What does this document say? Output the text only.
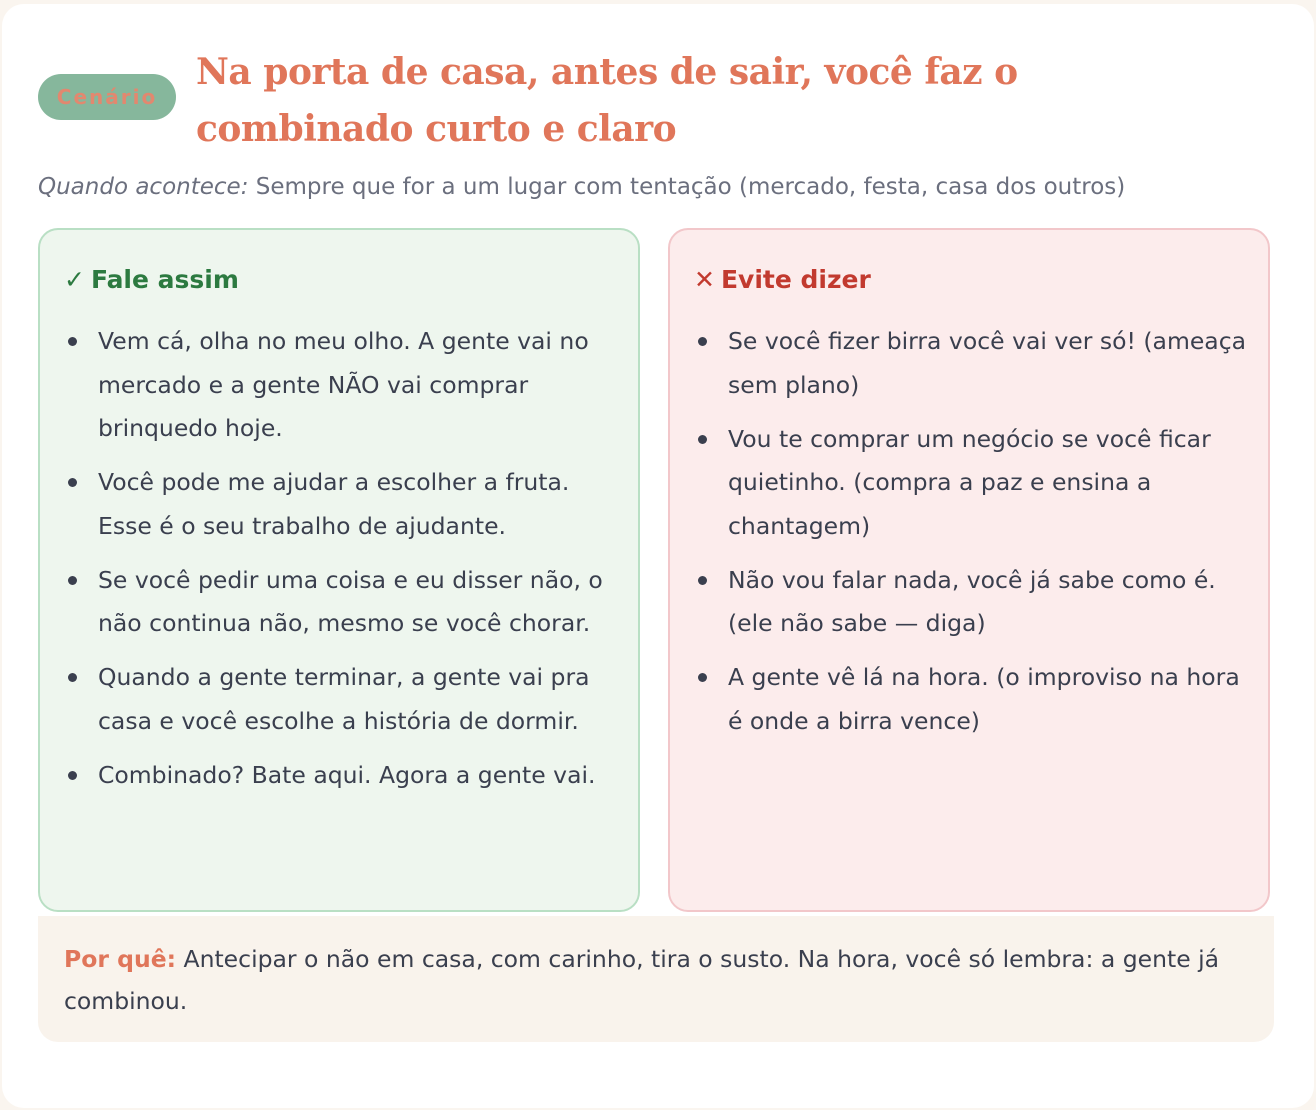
Cenário
Na porta de casa, antes de sair, você faz o combinado curto e claro
Quando acontece: Sempre que for a um lugar com tentação (mercado, festa, casa dos outros)
✓ Fale assim
Vem cá, olha no meu olho. A gente vai no mercado e a gente NÃO vai comprar brinquedo hoje.
Você pode me ajudar a escolher a fruta. Esse é o seu trabalho de ajudante.
Se você pedir uma coisa e eu disser não, o não continua não, mesmo se você chorar.
Quando a gente terminar, a gente vai pra casa e você escolhe a história de dormir.
Combinado? Bate aqui. Agora a gente vai.
✕ Evite dizer
Se você fizer birra você vai ver só! (ameaça sem plano)
Vou te comprar um negócio se você ficar quietinho. (compra a paz e ensina a chantagem)
Não vou falar nada, você já sabe como é. (ele não sabe — diga)
A gente vê lá na hora. (o improviso na hora é onde a birra vence)
Por quê: Antecipar o não em casa, com carinho, tira o susto. Na hora, você só lembra: a gente já combinou.
